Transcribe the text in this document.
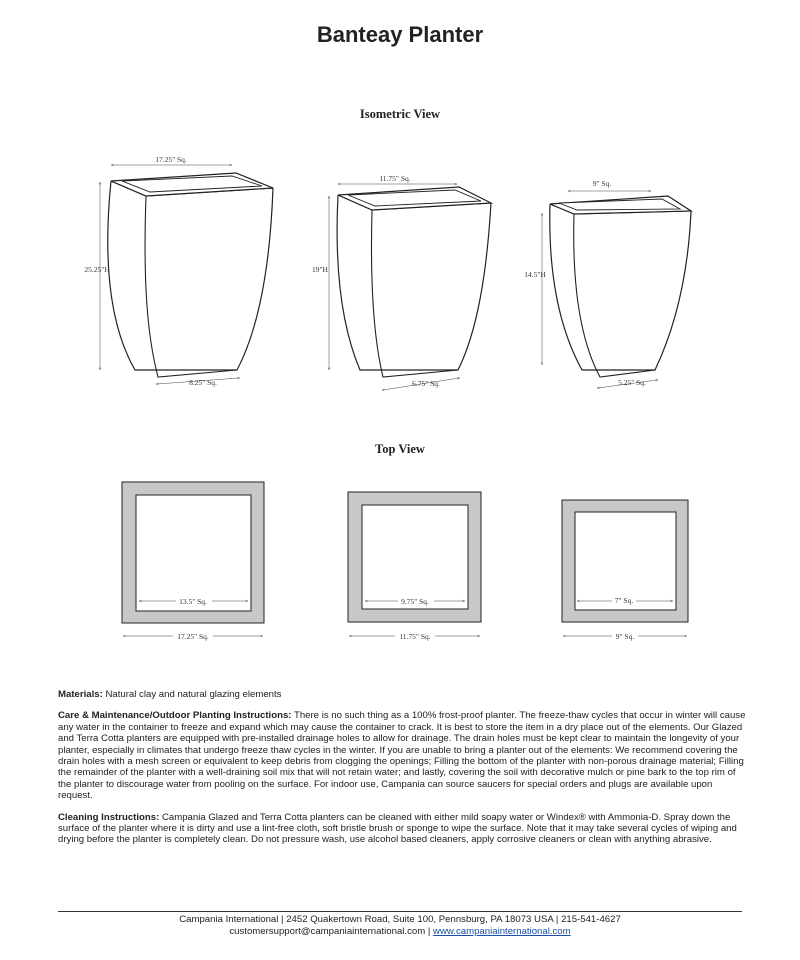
Banteay Planter
Isometric View
17.25" Sq.
25.25"H
8.25" Sq.
11.75" Sq.
19"H
6.75" Sq.
9" Sq.
14.5"H
5.25" Sq.
Top View
13.5" Sq.
17.25" Sq.
9.75" Sq.
11.75" Sq.
7" Sq.
9" Sq.

Materials: Natural clay and natural glazing elements

Care & Maintenance/Outdoor Planting Instructions: There is no such thing as a 100% frost-proof planter. The freeze-thaw cycles that occur in winter will cause any water in the container to freeze and expand which may cause the container to crack. It is best to store the item in a dry place out of the elements. Our Glazed and Terra Cotta planters are equipped with pre-installed drainage holes to allow for drainage. The drain holes must be kept clear to maintain the longevity of your planter, especially in climates that undergo freeze thaw cycles in the winter. If you are unable to bring a planter out of the elements: We recommend covering the drain holes with a mesh screen or equivalent to keep debris from clogging the openings; Filling the bottom of the planter with non-porous drainage material; Filling the remainder of the planter with a well-draining soil mix that will not retain water; and lastly, covering the soil with decorative mulch or pine bark to the top rim of the planter to discourage water from pooling on the surface. For indoor use, Campania can source saucers for special orders and plugs are available upon request.

Cleaning Instructions: Campania Glazed and Terra Cotta planters can be cleaned with either mild soapy water or Windex® with Ammonia-D. Spray down the surface of the planter where it is dirty and use a lint-free cloth, soft bristle brush or sponge to wipe the surface. Note that it may take several cycles of wiping and drying before the planter is completely clean. Do not pressure wash, use alcohol based cleaners, apply corrosive cleaners or clean with anything abrasive.

Campania International | 2452 Quakertown Road, Suite 100, Pennsburg, PA 18073 USA | 215-541-4627
customersupport@campaniainternational.com | www.campaniainternational.com
